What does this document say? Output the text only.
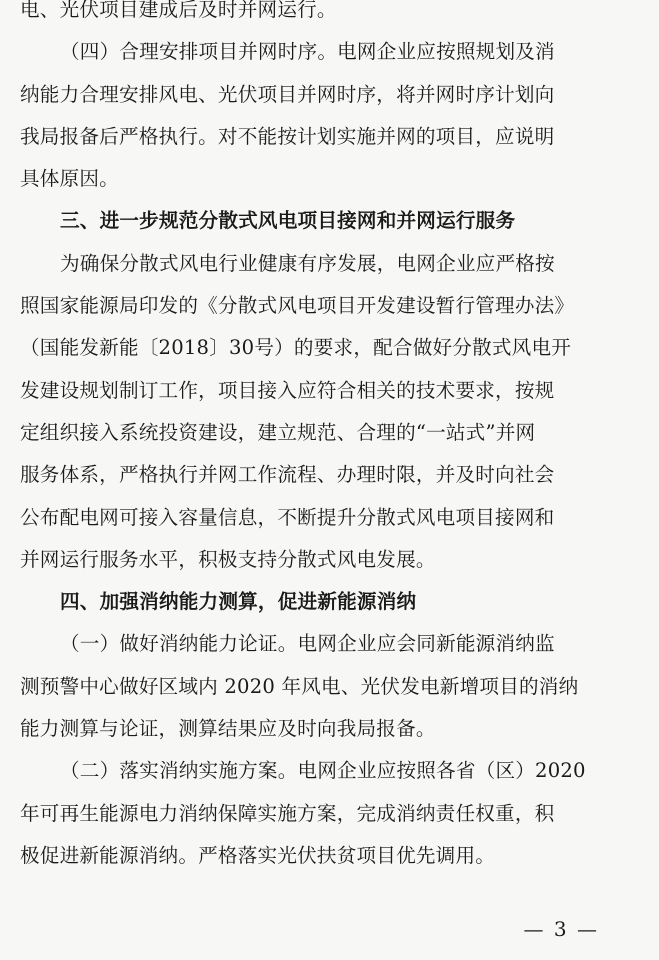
电、光伏项目建成后及时并网运行。
（四）合理安排项目并网时序。电网企业应按照规划及消
纳能力合理安排风电、光伏项目并网时序，将并网时序计划向
我局报备后严格执行。对不能按计划实施并网的项目，应说明
具体原因。
三、进一步规范分散式风电项目接网和并网运行服务
为确保分散式风电行业健康有序发展，电网企业应严格按
照国家能源局印发的《分散式风电项目开发建设暂行管理办法》
（国能发新能〔2018〕30号）的要求，配合做好分散式风电开
发建设规划制订工作，项目接入应符合相关的技术要求，按规
定组织接入系统投资建设，建立规范、合理的“一站式”并网
服务体系，严格执行并网工作流程、办理时限，并及时向社会
公布配电网可接入容量信息，不断提升分散式风电项目接网和
并网运行服务水平，积极支持分散式风电发展。
四、加强消纳能力测算，促进新能源消纳
（一）做好消纳能力论证。电网企业应会同新能源消纳监
测预警中心做好区域内 2020 年风电、光伏发电新增项目的消纳
能力测算与论证，测算结果应及时向我局报备。
（二）落实消纳实施方案。电网企业应按照各省（区）2020
年可再生能源电力消纳保障实施方案，完成消纳责任权重，积
极促进新能源消纳。严格落实光伏扶贫项目优先调用。
— 3 —
